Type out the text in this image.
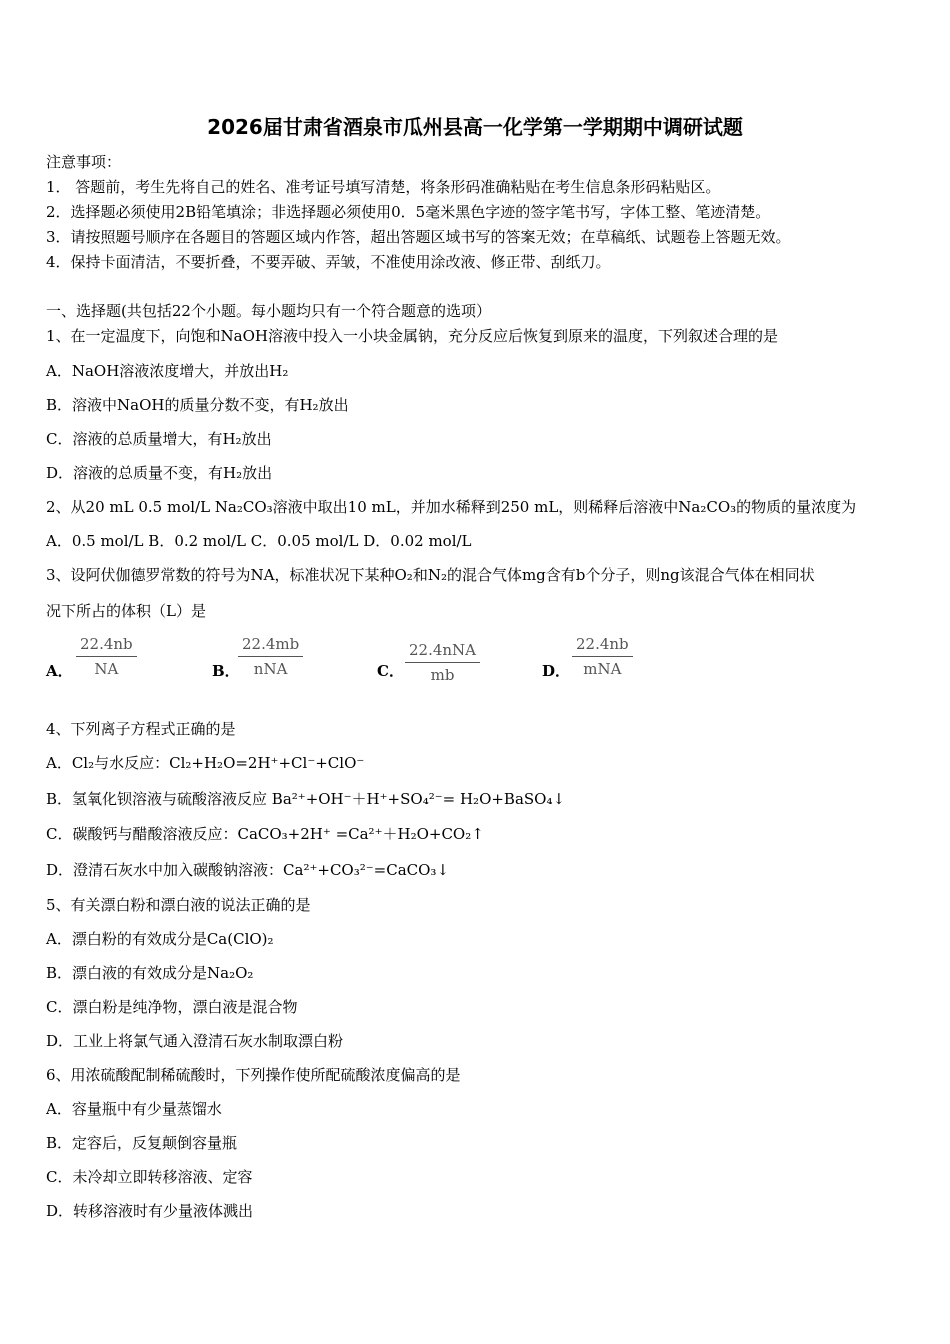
2026届甘肃省酒泉市瓜州县高一化学第一学期期中调研试题
注意事项：
1． 答题前，考生先将自己的姓名、准考证号填写清楚，将条形码准确粘贴在考生信息条形码粘贴区。
2．选择题必须使用2B铅笔填涂；非选择题必须使用0．5毫米黑色字迹的签字笔书写，字体工整、笔迹清楚。
3．请按照题号顺序在各题目的答题区域内作答，超出答题区域书写的答案无效；在草稿纸、试题卷上答题无效。
4．保持卡面清洁，不要折叠，不要弄破、弄皱，不准使用涂改液、修正带、刮纸刀。
一、选择题(共包括22个小题。每小题均只有一个符合题意的选项）
1、在一定温度下，向饱和NaOH溶液中投入一小块金属钠，充分反应后恢复到原来的温度，下列叙述合理的是
A．NaOH溶液浓度增大，并放出H₂
B．溶液中NaOH的质量分数不变，有H₂放出
C．溶液的总质量增大，有H₂放出
D．溶液的总质量不变，有H₂放出
2、从20 mL 0.5 mol/L Na₂CO₃溶液中取出10 mL，并加水稀释到250 mL，则稀释后溶液中Na₂CO₃的物质的量浓度为
A．0.5 mol/L B．0.2 mol/L C．0.05 mol/L D．0.02 mol/L
3、设阿伏伽德罗常数的符号为NA，标准状况下某种O₂和N₂的混合气体mg含有b个分子，则ng该混合气体在相同状
况下所占的体积（L）是
A． $\frac{22.4nb}{NA}$	B．
22.4mb
nNA	C．
22.4nNA
mb	D．
22.4nb
mNA
4、下列离子方程式正确的是
A．Cl₂与水反应：Cl₂+H₂O=2H⁺+Cl⁻+ClO⁻
B．氢氧化钡溶液与硫酸溶液反应 Ba²⁺+OH⁻＋H⁺+SO₄²⁻= H₂O+BaSO₄↓
C．碳酸钙与醋酸溶液反应：CaCO₃+2H⁺ =Ca²⁺＋H₂O+CO₂↑
D．澄清石灰水中加入碳酸钠溶液：Ca²⁺+CO₃²⁻=CaCO₃↓
5、有关漂白粉和漂白液的说法正确的是
A．漂白粉的有效成分是Ca(ClO)₂
B．漂白液的有效成分是Na₂O₂
C．漂白粉是纯净物，漂白液是混合物
D．工业上将氯气通入澄清石灰水制取漂白粉
6、用浓硫酸配制稀硫酸时，下列操作使所配硫酸浓度偏高的是
A．容量瓶中有少量蒸馏水
B．定容后，反复颠倒容量瓶
C．未冷却立即转移溶液、定容
D．转移溶液时有少量液体溅出
